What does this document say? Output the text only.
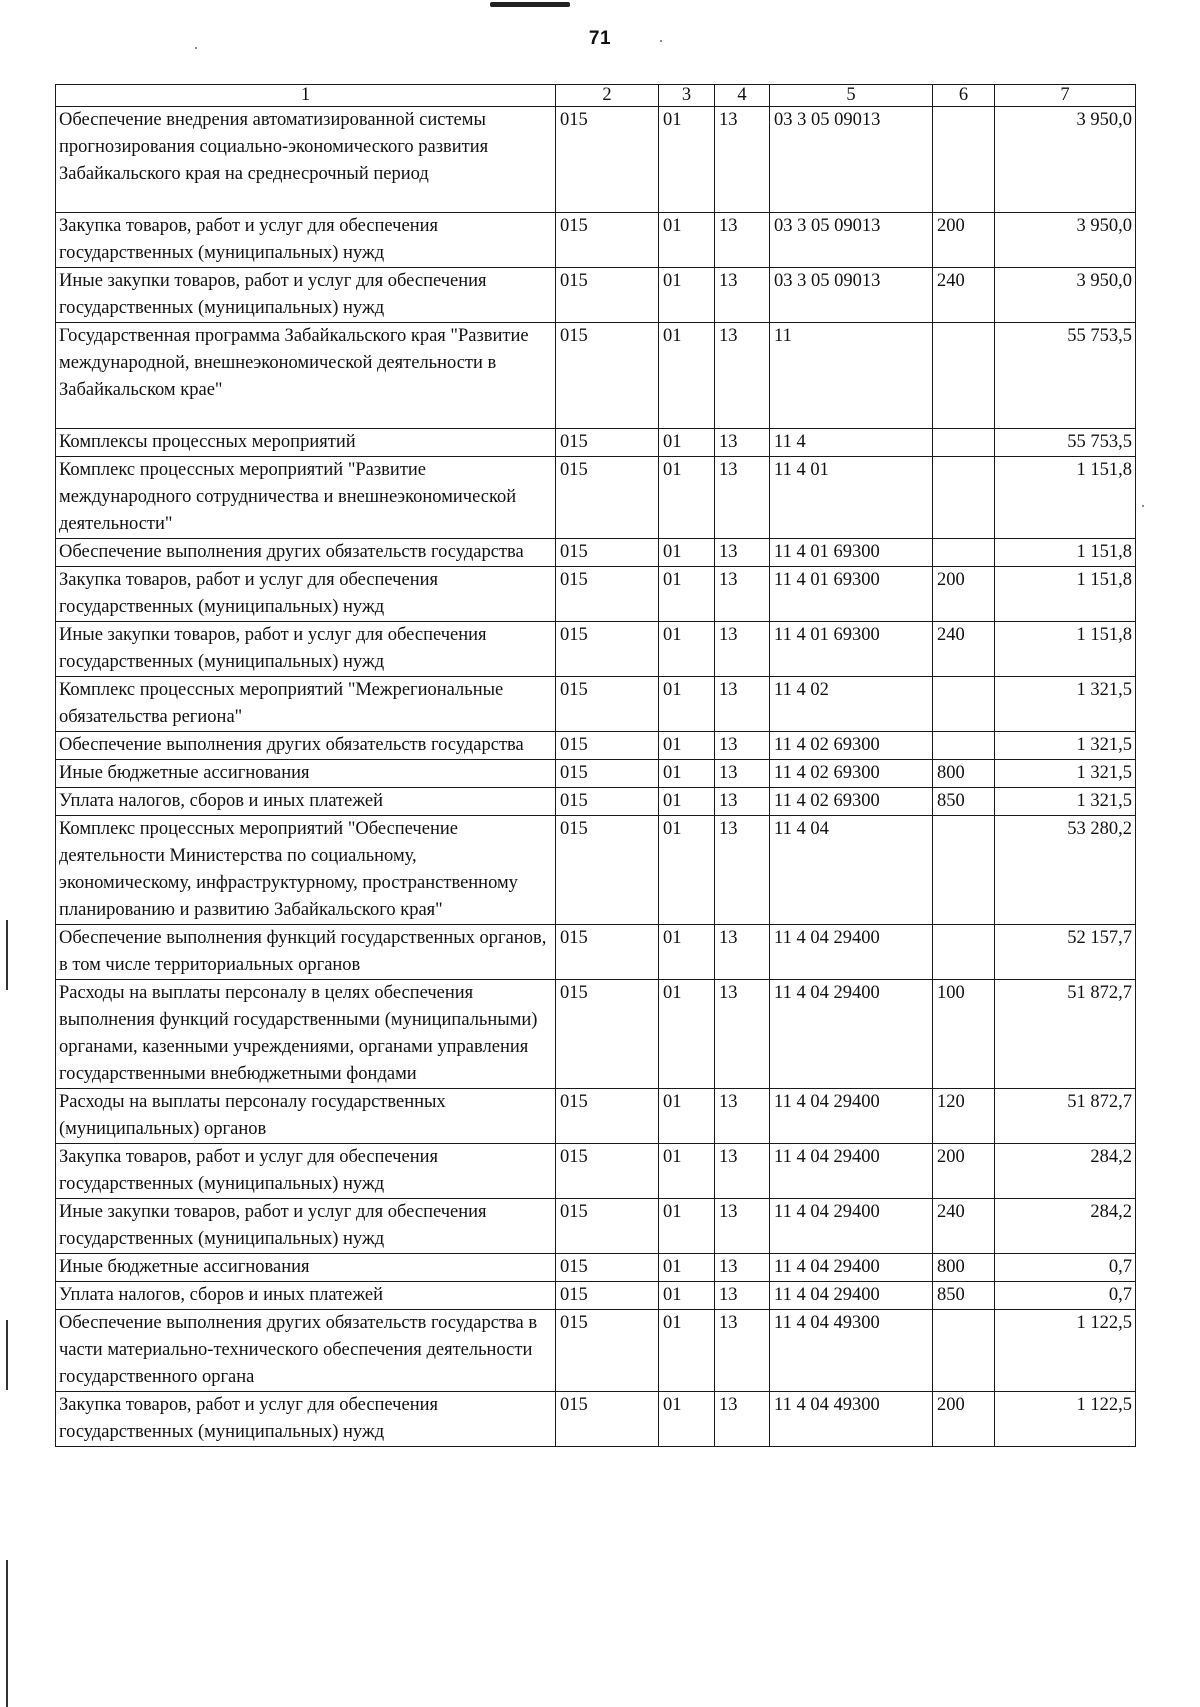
71
1	2	3	4	5	6	7
Обеспечение внедрения автоматизированной системы прогнозирования социально-экономического развития Забайкальского края на среднесрочный период	015	01	13	03 3 05 09013		3 950,0
Закупка товаров, работ и услуг для обеспечения государственных (муниципальных) нужд	015	01	13	03 3 05 09013	200	3 950,0
Иные закупки товаров, работ и услуг для обеспечения государственных (муниципальных) нужд	015	01	13	03 3 05 09013	240	3 950,0
Государственная программа Забайкальского края "Развитие международной, внешнеэкономической деятельности в Забайкальском крае"	015	01	13	11		55 753,5
Комплексы процессных мероприятий	015	01	13	11 4		55 753,5
Комплекс процессных мероприятий "Развитие международного сотрудничества и внешнеэкономической деятельности"	015	01	13	11 4 01		1 151,8
Обеспечение выполнения других обязательств государства	015	01	13	11 4 01 69300		1 151,8
Закупка товаров, работ и услуг для обеспечения государственных (муниципальных) нужд	015	01	13	11 4 01 69300	200	1 151,8
Иные закупки товаров, работ и услуг для обеспечения государственных (муниципальных) нужд	015	01	13	11 4 01 69300	240	1 151,8
Комплекс процессных мероприятий "Межрегиональные обязательства региона"	015	01	13	11 4 02		1 321,5
Обеспечение выполнения других обязательств государства	015	01	13	11 4 02 69300		1 321,5
Иные бюджетные ассигнования	015	01	13	11 4 02 69300	800	1 321,5
Уплата налогов, сборов и иных платежей	015	01	13	11 4 02 69300	850	1 321,5
Комплекс процессных мероприятий "Обеспечение деятельности Министерства по социальному, экономическому, инфраструктурному, пространственному планированию и развитию Забайкальского края"	015	01	13	11 4 04		53 280,2
Обеспечение выполнения функций государственных органов, в том числе территориальных органов	015	01	13	11 4 04 29400		52 157,7
Расходы на выплаты персоналу в целях обеспечения выполнения функций государственными (муниципальными) органами, казенными учреждениями, органами управления государственными внебюджетными фондами	015	01	13	11 4 04 29400	100	51 872,7
Расходы на выплаты персоналу государственных (муниципальных) органов	015	01	13	11 4 04 29400	120	51 872,7
Закупка товаров, работ и услуг для обеспечения государственных (муниципальных) нужд	015	01	13	11 4 04 29400	200	284,2
Иные закупки товаров, работ и услуг для обеспечения государственных (муниципальных) нужд	015	01	13	11 4 04 29400	240	284,2
Иные бюджетные ассигнования	015	01	13	11 4 04 29400	800	0,7
Уплата налогов, сборов и иных платежей	015	01	13	11 4 04 29400	850	0,7
Обеспечение выполнения других обязательств государства в части материально-технического обеспечения деятельности государственного органа	015	01	13	11 4 04 49300		1 122,5
Закупка товаров, работ и услуг для обеспечения государственных (муниципальных) нужд	015	01	13	11 4 04 49300	200	1 122,5
